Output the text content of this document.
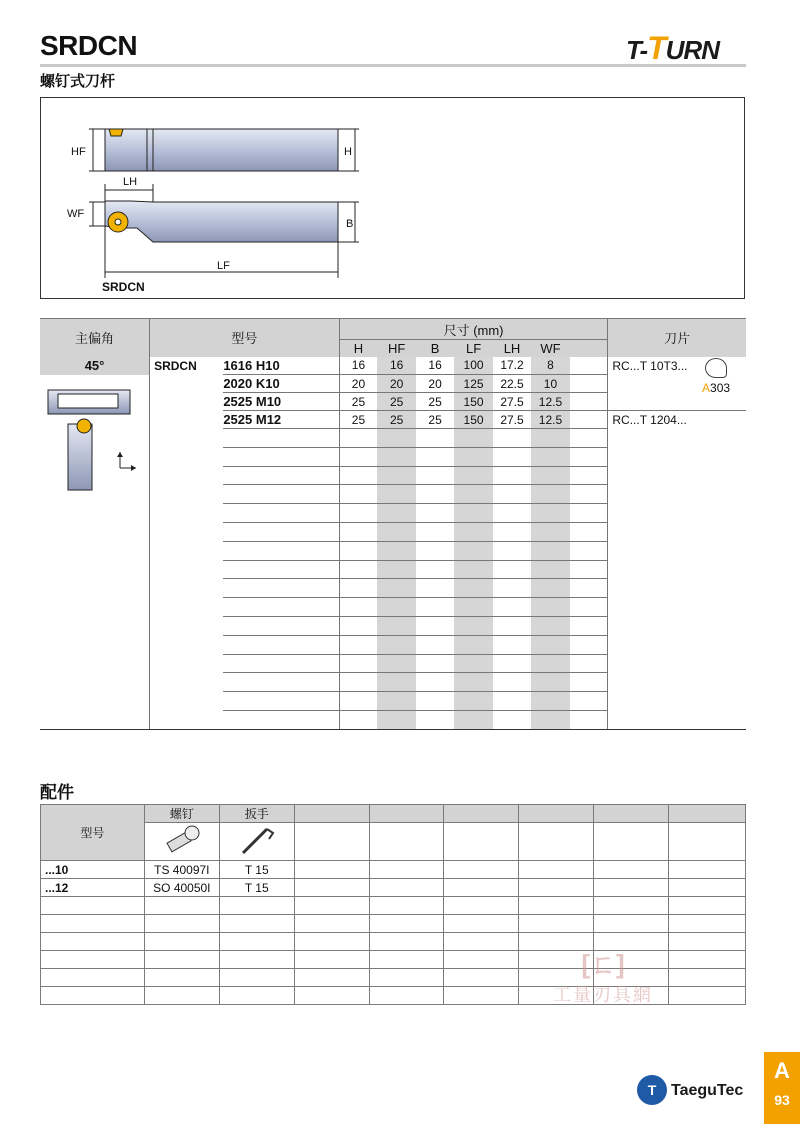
SRDCN
螺钉式刀杆
T-TURN
HF	H
LH
WF
B
LF
SRDCN
主偏角	型号		尺寸 (mm)							刀片
			H	HF	B	LF	LH	WF		
45°	SRDCN	1616 H10	16	16	16	100	17.2	8		RC...T 10T3...
		2020 K10	20	20	20	125	22.5	10		
		2525 M10	25	25	25	150	27.5	12.5		
		2525 M12	25	25	25	150	27.5	12.5		RC...T 1204...

A303
配件
型号	螺钉	扳手						

...10	TS 40097I	T 15						
...12	SO 40050I	T 15						

[ㄈ]
工量刃具網
T TaeguTec
A
93
